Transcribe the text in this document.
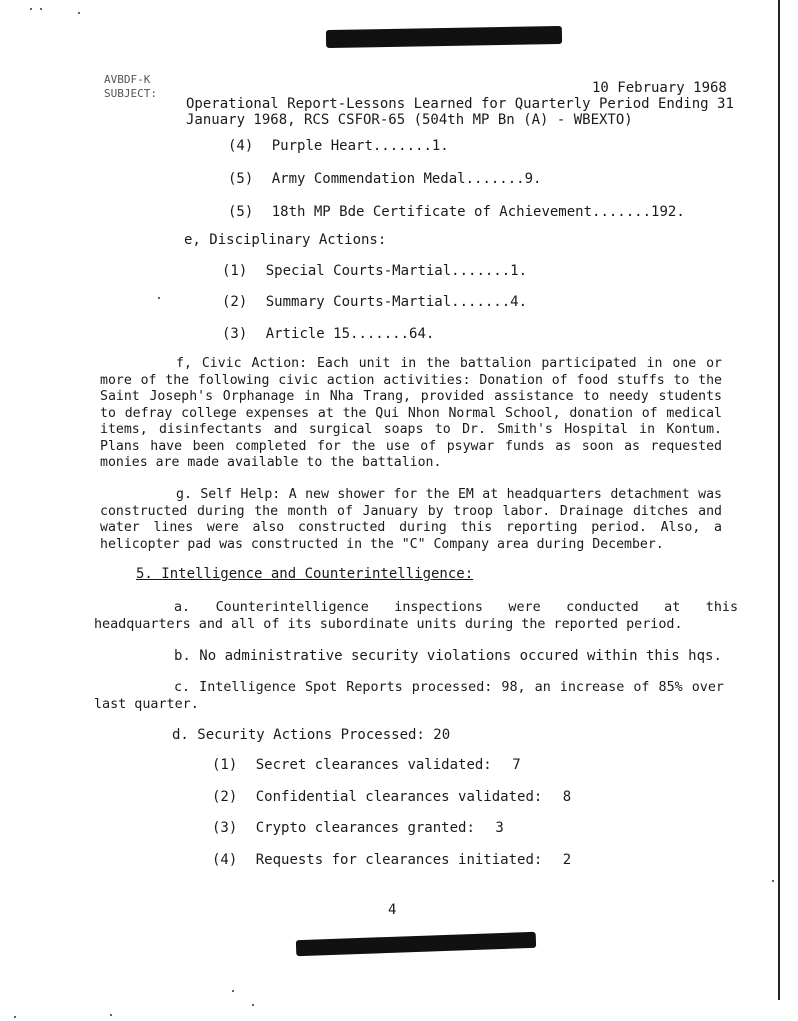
AVBDF-K
SUBJECT:	10 February 1968
Operational Report-Lessons Learned for Quarterly Period Ending 31
January 1968, RCS CSFOR-65 (504th MP Bn (A) - WBEXTO)
(4) Purple Heart.......1.
(5) Army Commendation Medal.......9.
(5) 18th MP Bde Certificate of Achievement.......192.
e, Disciplinary Actions:
(1) Special Courts-Martial.......1.
(2) Summary Courts-Martial.......4.
(3) Article 15.......64.
f, Civic Action: Each unit in the battalion participated in one or more of the following civic action activities: Donation of food stuffs to the Saint Joseph's Orphanage in Nha Trang, provided assistance to needy students to defray college expenses at the Qui Nhon Normal School, donation of medical items, disinfectants and surgical soaps to Dr. Smith's Hospital in Kontum. Plans have been completed for the use of psywar funds as soon as requested monies are made available to the battalion.
g. Self Help: A new shower for the EM at headquarters detachment was constructed during the month of January by troop labor. Drainage ditches and water lines were also constructed during this reporting period. Also, a helicopter pad was constructed in the "C" Company area during December.
5. Intelligence and Counterintelligence:
a. Counterintelligence inspections were conducted at this headquarters and all of its subordinate units during the reported period.
b. No administrative security violations occured within this hqs.
c. Intelligence Spot Reports processed: 98, an increase of 85% over last quarter.
d. Security Actions Processed: 20
(1) Secret clearances validated: 7
(2) Confidential clearances validated: 8
(3) Crypto clearances granted: 3
(4) Requests for clearances initiated: 2
4
